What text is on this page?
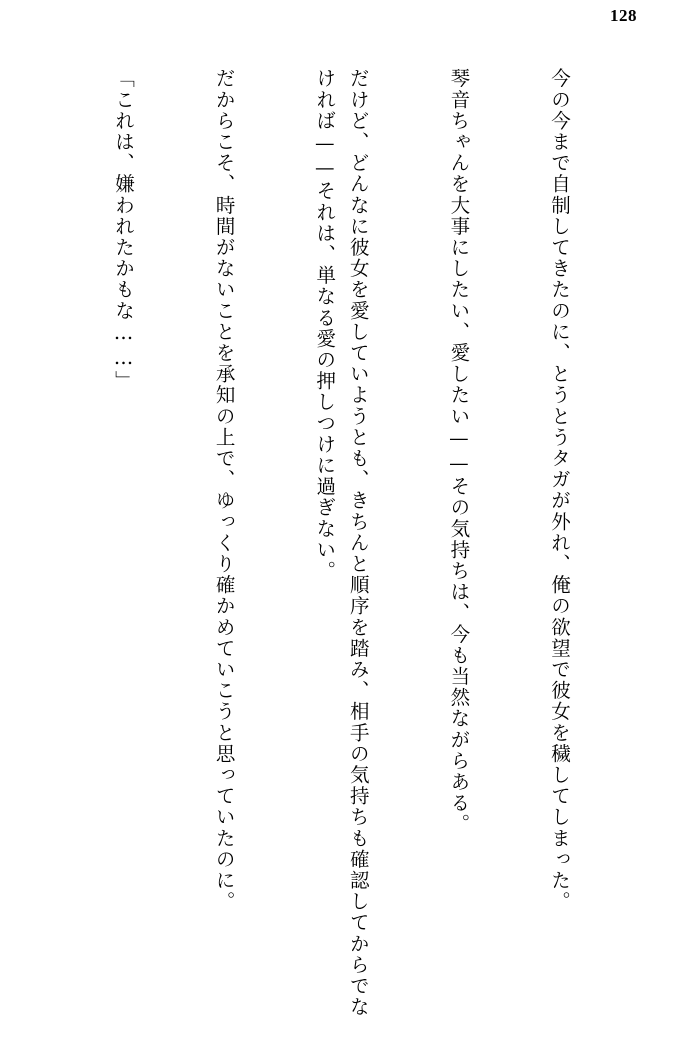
128

今の今まで自制してきたのに、とうとうタガが外れ、俺の欲望で彼女を穢してしまった。

琴音ちゃんを大事にしたい、愛したい——その気持ちは、今も当然ながらある。

だけど、どんなに彼女を愛していようとも、きちんと順序を踏み、相手の気持ちも確認してからでなければ——それは、単なる愛の押しつけに過ぎない。

だからこそ、時間がないことを承知の上で、ゆっくり確かめていこうと思っていたのに。

「これは、嫌われたかもな……」
